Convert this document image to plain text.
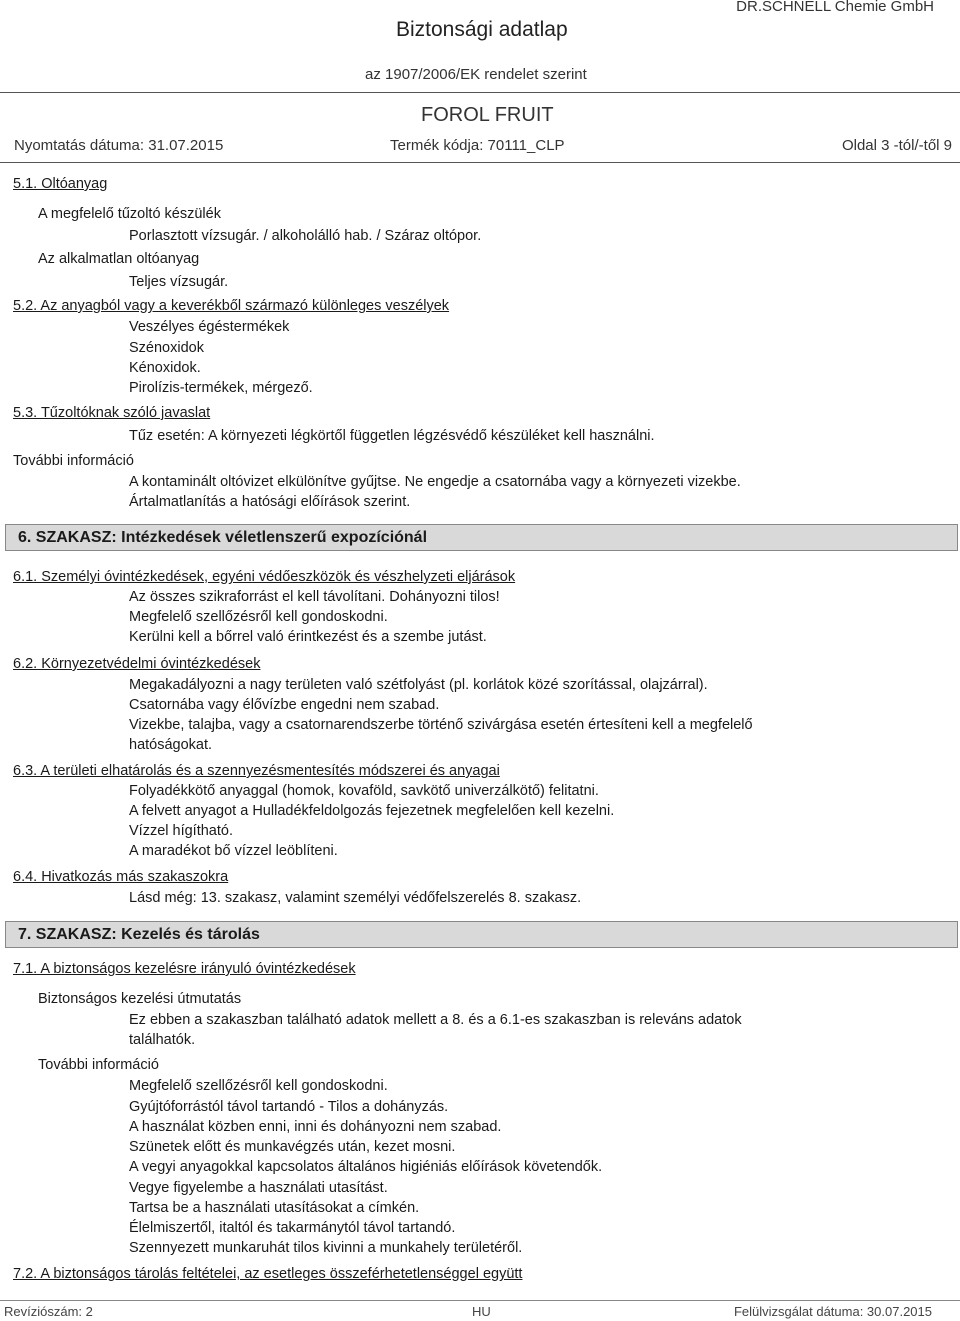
Biztonsági adatlap
DR.SCHNELL Chemie GmbH
az 1907/2006/EK rendelet szerint
FOROL FRUIT
Nyomtatás dátuma: 31.07.2015	Termék kódja: 70111_CLP	Oldal 3 -tól/-től 9
5.1. Oltóanyag
A megfelelő tűzoltó készülék
Porlasztott vízsugár. / alkoholálló hab. / Száraz oltópor.
Az alkalmatlan oltóanyag
Teljes vízsugár.
5.2. Az anyagból vagy a keverékből származó különleges veszélyek
Veszélyes égéstermékek
Szénoxidok
Kénoxidok.
Pirolízis-termékek, mérgező.
5.3. Tűzoltóknak szóló javaslat
Tűz esetén: A környezeti légkörtől független légzésvédő készüléket kell használni.
További információ
A kontaminált oltóvizet elkülönítve gyűjtse. Ne engedje a csatornába vagy a környezeti vizekbe.
Ártalmatlanítás a hatósági előírások szerint.
6. SZAKASZ: Intézkedések véletlenszerű expozíciónál
6.1. Személyi óvintézkedések, egyéni védőeszközök és vészhelyzeti eljárások
Az összes szikraforrást el kell távolítani. Dohányozni tilos!
Megfelelő szellőzésről kell gondoskodni.
Kerülni kell a bőrrel való érintkezést és a szembe jutást.
6.2. Környezetvédelmi óvintézkedések
Megakadályozni a nagy területen való szétfolyást (pl. korlátok közé szorítással, olajzárral).
Csatornába vagy élővízbe engedni nem szabad.
Vizekbe, talajba, vagy a csatornarendszerbe történő szivárgása esetén értesíteni kell a megfelelő
hatóságokat.
6.3. A területi elhatárolás és a szennyezésmentesítés módszerei és anyagai
Folyadékkötő anyaggal (homok, kovaföld, savkötő univerzálkötő) felitatni.
A felvett anyagot a Hulladékfeldolgozás fejezetnek megfelelően kell kezelni.
Vízzel hígítható.
A maradékot bő vízzel leöblíteni.
6.4. Hivatkozás más szakaszokra
Lásd még: 13. szakasz, valamint személyi védőfelszerelés 8. szakasz.
7. SZAKASZ: Kezelés és tárolás
7.1. A biztonságos kezelésre irányuló óvintézkedések
Biztonságos kezelési útmutatás
Ez ebben a szakaszban található adatok mellett a 8. és a 6.1-es szakaszban is releváns adatok
találhatók.
További információ
Megfelelő szellőzésről kell gondoskodni.
Gyújtóforrástól távol tartandó - Tilos a dohányzás.
A használat közben enni, inni és dohányozni nem szabad.
Szünetek előtt és munkavégzés után, kezet mosni.
A vegyi anyagokkal kapcsolatos általános higiéniás előírások követendők.
Vegye figyelembe a használati utasítást.
Tartsa be a használati utasításokat a címkén.
Élelmiszertől, italtól és takarmánytól távol tartandó.
Szennyezett munkaruhát tilos kivinni a munkahely területéről.
7.2. A biztonságos tárolás feltételei, az esetleges összeférhetetlenséggel együtt
Revíziószám: 2	HU	Felülvizsgálat dátuma: 30.07.2015
